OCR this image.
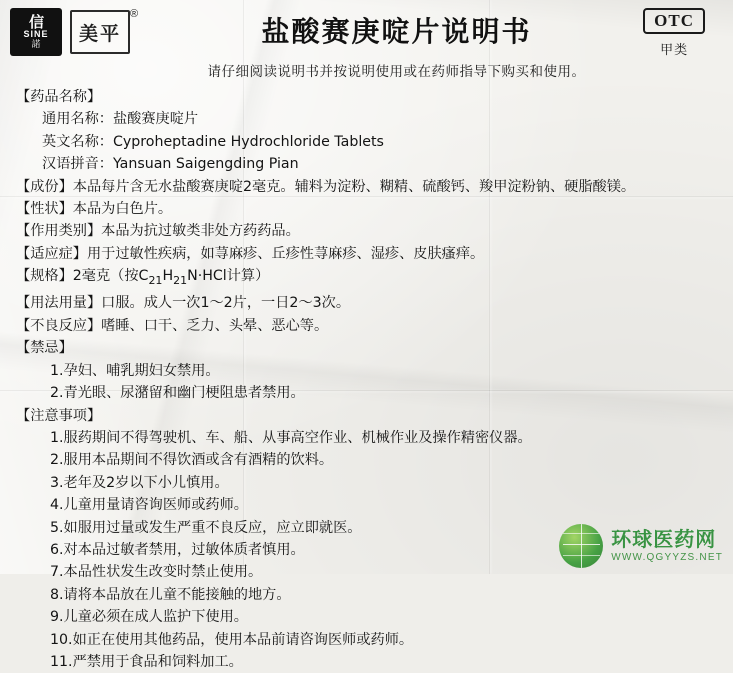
信
SINE
諾	美平
®
盐酸赛庚啶片说明书
请仔细阅读说明书并按说明使用或在药师指导下购买和使用。
OTC
甲类
【药品名称】
通用名称：盐酸赛庚啶片
英文名称：Cyproheptadine Hydrochloride Tablets
汉语拼音：Yansuan Saigengding Pian
【成份】本品每片含无水盐酸赛庚啶2毫克。辅料为淀粉、糊精、硫酸钙、羧甲淀粉钠、硬脂酸镁。
【性状】本品为白色片。
【作用类别】本品为抗过敏类非处方药药品。
【适应症】用于过敏性疾病，如荨麻疹、丘疹性荨麻疹、湿疹、皮肤瘙痒。
【规格】2毫克（按$C_{21}H_{21}N\cdot HCl$计算）
【用法用量】口服。成人一次1～2片，一日2～3次。
【不良反应】嗜睡、口干、乏力、头晕、恶心等。
【禁忌】
1.孕妇、哺乳期妇女禁用。
2.青光眼、尿潴留和幽门梗阻患者禁用。
【注意事项】
1.服药期间不得驾驶机、车、船、从事高空作业、机械作业及操作精密仪器。
2.服用本品期间不得饮酒或含有酒精的饮料。
3.老年及2岁以下小儿慎用。
4.儿童用量请咨询医师或药师。
5.如服用过量或发生严重不良反应，应立即就医。
6.对本品过敏者禁用，过敏体质者慎用。
7.本品性状发生改变时禁止使用。
8.请将本品放在儿童不能接触的地方。
9.儿童必须在成人监护下使用。
10.如正在使用其他药品，使用本品前请咨询医师或药师。
11.严禁用于食品和饲料加工。
环球医药网
WWW.QGYYZS.NET
